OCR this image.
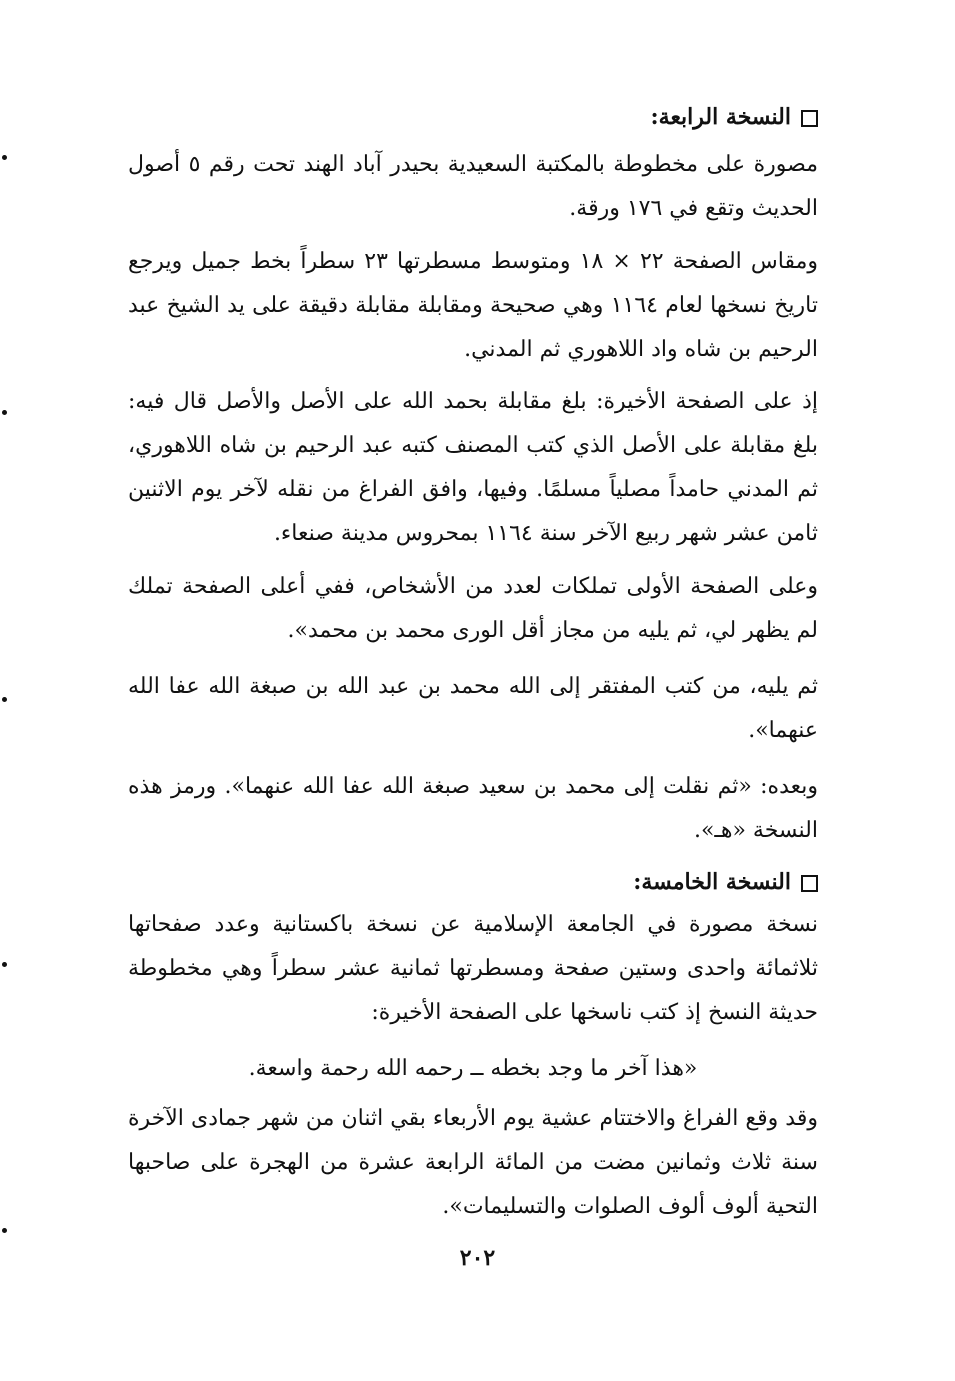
النسخة الرابعة:
مصورة على مخطوطة بالمكتبة السعيدية بحيدر آباد الهند تحت رقم ٥ أصول الحديث وتقع في ١٧٦ ورقة.
ومقاس الصفحة ٢٢ × ١٨ ومتوسط مسطرتها ٢٣ سطراً بخط جميل ويرجع تاريخ نسخها لعام ١١٦٤ وهي صحيحة ومقابلة مقابلة دقيقة على يد الشيخ عبد الرحيم بن شاه واد اللاهوري ثم المدني.
إذ على الصفحة الأخيرة: بلغ مقابلة بحمد الله على الأصل والأصل قال فيه: بلغ مقابلة على الأصل الذي كتب المصنف كتبه عبد الرحيم بن شاه اللاهوري، ثم المدني حامداً مصلياً مسلمًا. وفيها، وافق الفراغ من نقله لآخر يوم الاثنين ثامن عشر شهر ربيع الآخر سنة ١١٦٤ بمحروس مدينة صنعاء.
وعلى الصفحة الأولى تملكات لعدد من الأشخاص، ففي أعلى الصفحة تملك لم يظهر لي، ثم يليه من مجاز أقل الورى محمد بن محمد».
ثم يليه، من كتب المفتقر إلى الله محمد بن عبد الله بن صبغة الله عفا الله عنهما».
وبعده: «ثم نقلت إلى محمد بن سعيد صبغة الله عفا الله عنهما». ورمز هذه النسخة «هـ».
النسخة الخامسة:
نسخة مصورة في الجامعة الإسلامية عن نسخة باكستانية وعدد صفحاتها ثلاثمائة واحدى وستين صفحة ومسطرتها ثمانية عشر سطراً وهي مخطوطة حديثة النسخ إذ كتب ناسخها على الصفحة الأخيرة:
«هذا آخر ما وجد بخطه ــ رحمه الله رحمة واسعة.
وقد وقع الفراغ والاختتام عشية يوم الأربعاء بقي اثنان من شهر جمادى الآخرة سنة ثلاث وثمانين مضت من المائة الرابعة عشرة من الهجرة على صاحبها التحية ألوف ألوف الصلوات والتسليمات».
٢٠٢
